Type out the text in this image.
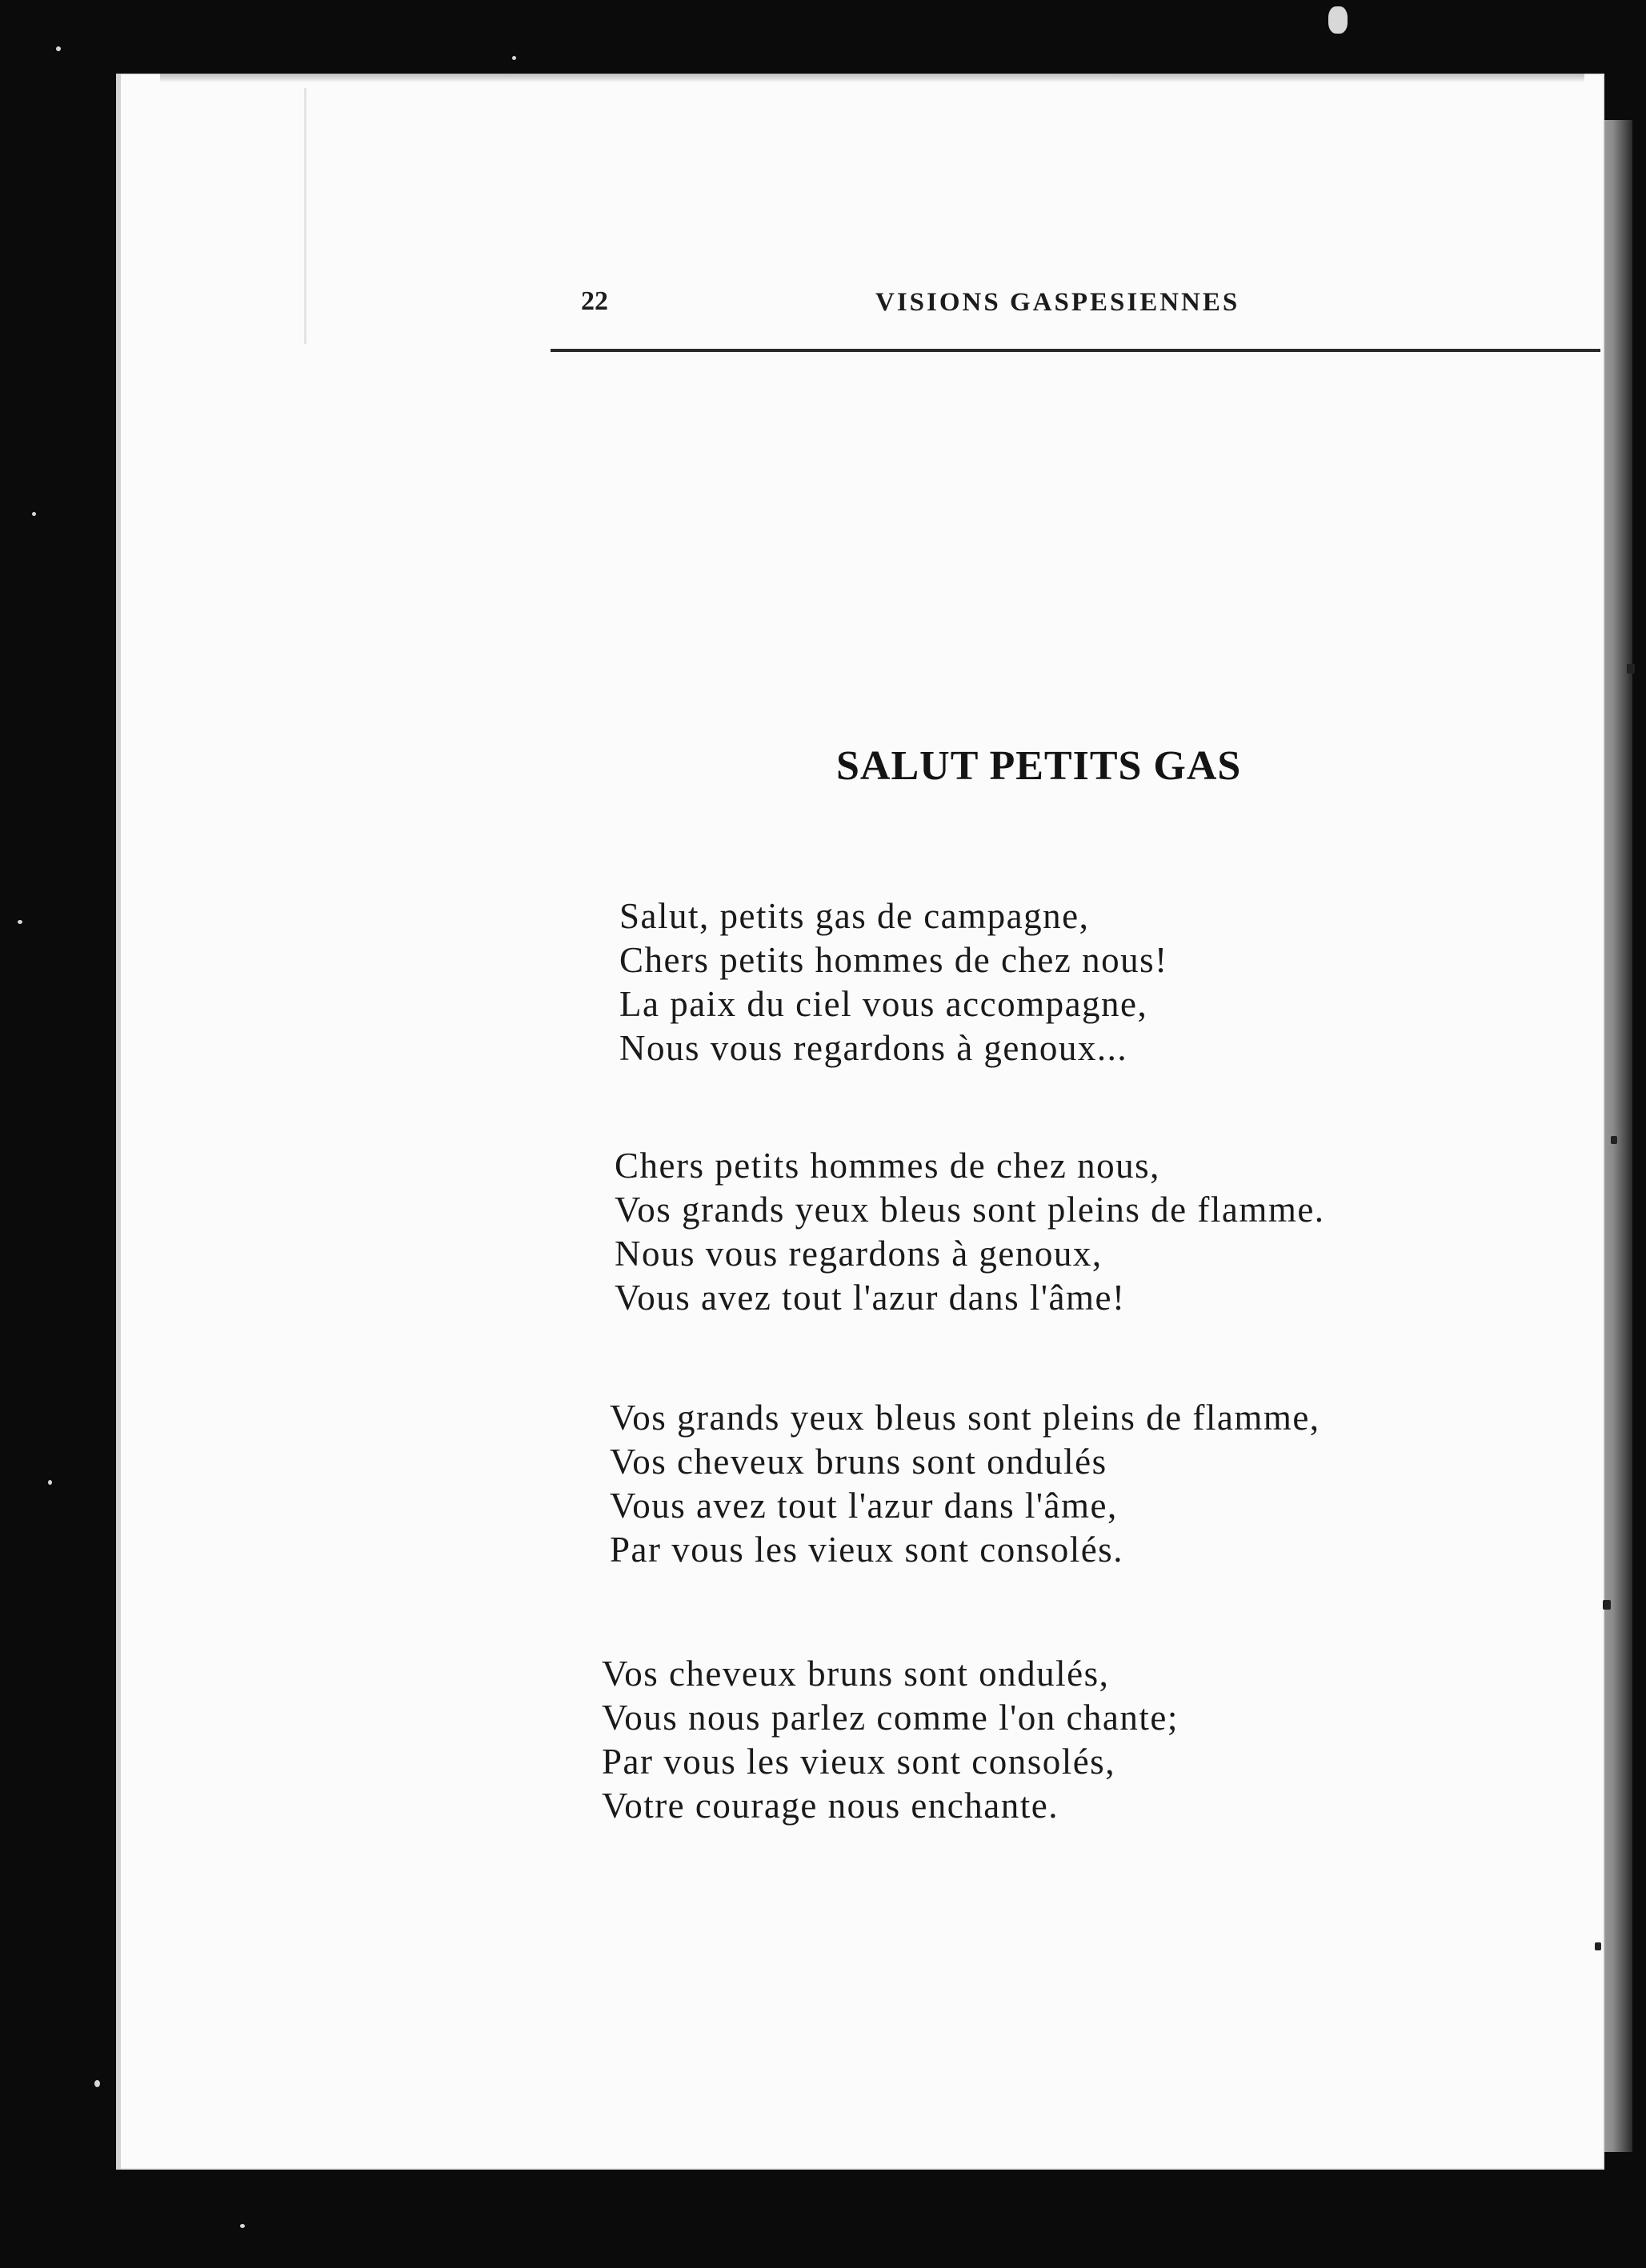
22	VISIONS GASPESIENNES
SALUT PETITS GAS
Salut, petits gas de campagne,
Chers petits hommes de chez nous!
La paix du ciel vous accompagne,
Nous vous regardons à genoux...
Chers petits hommes de chez nous,
Vos grands yeux bleus sont pleins de flamme.
Nous vous regardons à genoux,
Vous avez tout l'azur dans l'âme!
Vos grands yeux bleus sont pleins de flamme,
Vos cheveux bruns sont ondulés
Vous avez tout l'azur dans l'âme,
Par vous les vieux sont consolés.
Vos cheveux bruns sont ondulés,
Vous nous parlez comme l'on chante;
Par vous les vieux sont consolés,
Votre courage nous enchante.
